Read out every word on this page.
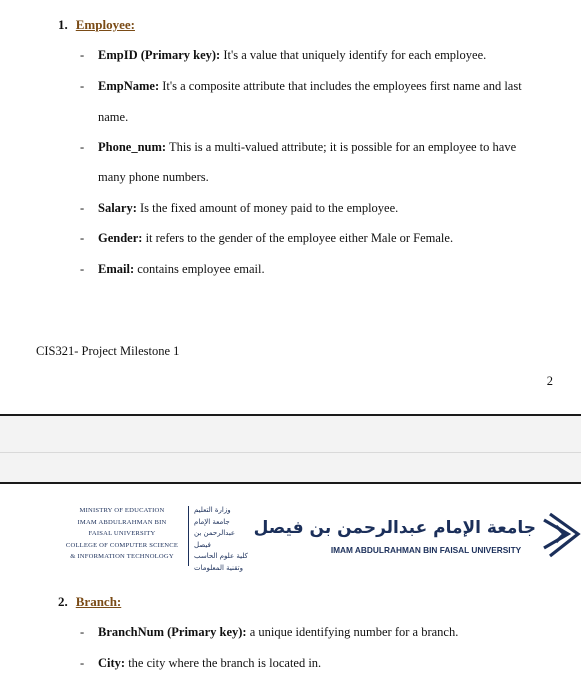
1. Employee:
- EmpID (Primary key): It's a value that uniquely identify for each employee.
- EmpName: It's a composite attribute that includes the employees first name and last
name.
- Phone_num: This is a multi-valued attribute; it is possible for an employee to have
many phone numbers.
- Salary: Is the fixed amount of money paid to the employee.
- Gender: it refers to the gender of the employee either Male or Female.
- Email: contains employee email.
CIS321- Project Milestone 1
2
MINISTRY OF EDUCATION
IMAM ABDULRAHMAN BIN
FAISAL UNIVERSITY
COLLEGE OF COMPUTER SCIENCE
& INFORMATION TECHNOLOGY
وزارة التعليم
جامعة الإمام
عبدالرحمن بن فيصل
كلية علوم الحاسب
وتقنية المعلومات
جامعة الإمام عبدالرحمن بن فيصل
IMAM ABDULRAHMAN BIN FAISAL UNIVERSITY
2. Branch:
- BranchNum (Primary key): a unique identifying number for a branch.
- City: the city where the branch is located in.
